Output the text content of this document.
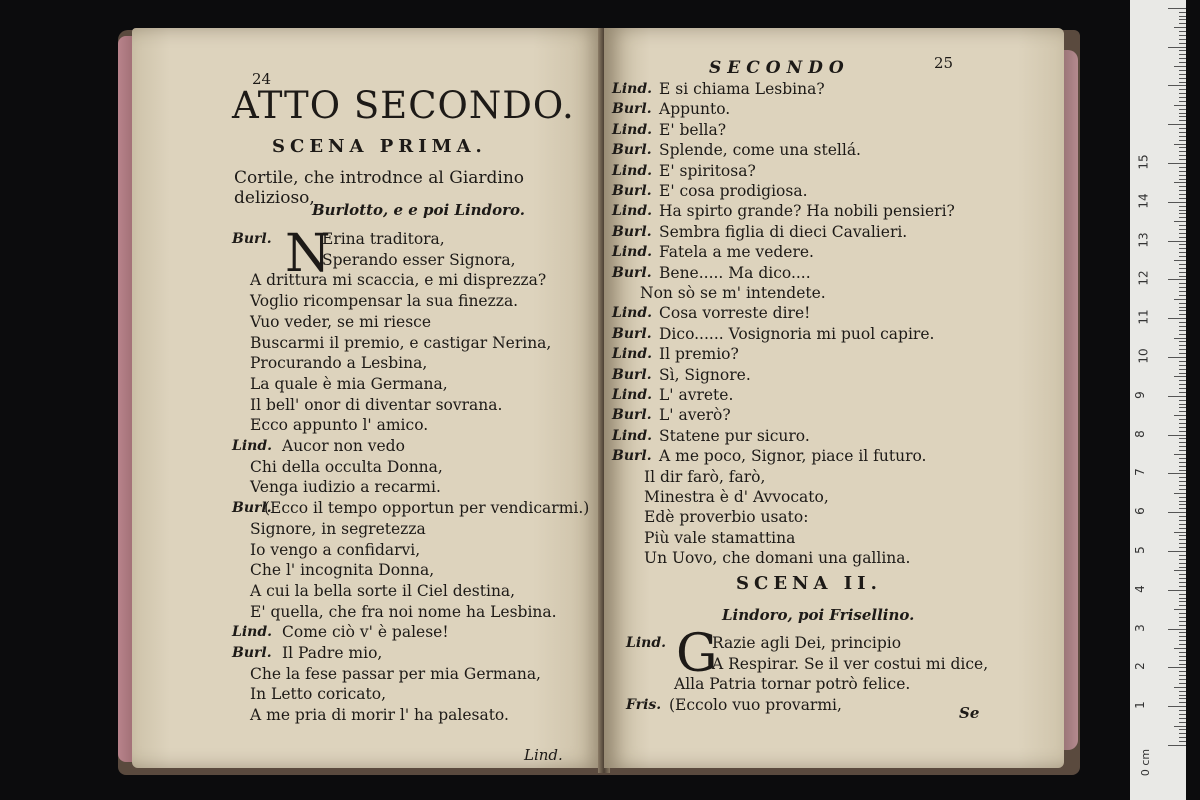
24
ATTO SECONDO.
SCENA PRIMA.
Cortile, che introdnce al Giardino delizioso,
Burlotto, e e poi Lindoro.
N
Burl.	Erina traditora,
Sperando esser Signora,
A drittura mi scaccia, e mi disprezza?
Voglio ricompensar la sua finezza.
Vuo veder, se mi riesce
Buscarmi il premio, e castigar Nerina,
Procurando a Lesbina,
La quale è mia Germana,
Il bell' onor di diventar sovrana.
Ecco appunto l' amico.
Lind. Aucor non vedo
Chi della occulta Donna,
Venga iudizio a recarmi.
Burl.
(Ecco il tempo opportun per vendicarmi.)
Signore, in segretezza
Io vengo a confidarvi,
Che l' incognita Donna,
A cui la bella sorte il Ciel destina,
E' quella, che fra noi nome ha Lesbina.
Lind. Come ciò v' è palese!
Burl. Il Padre mio,
Che la fese passar per mia Germana,
In Letto coricato,
A me pria di morir l' ha palesato.
Lind.
SECONDO	25
Lind. E si chiama Lesbina?
Burl. Appunto.
Lind. E' bella?
Burl. Splende, come una stellá.
Lind. E' spiritosa?
Burl. E' cosa prodigiosa.
Lind. Ha spirto grande? Ha nobili pensieri?
Burl. Sembra figlia di dieci Cavalieri.
Lind. Fatela a me vedere.
Burl. Bene..... Ma dico....
Non sò se m' intendete.
Lind. Cosa vorreste dire!
Burl. Dico...... Vosignoria mi puol capire.
Lind. Il premio?
Burl. Sì, Signore.
Lind. L' avrete.
Burl. L' averò?
Lind. Statene pur sicuro.
Burl. A me poco, Signor, piace il futuro.
Il dir farò, farò,
Minestra è d' Avvocato,
Edè proverbio usato:
Più vale stamattina
Un Uovo, che domani una gallina.
SCENA II.
Lindoro, poi Frisellino.
G
Lind.	Razie agli Dei, principio
A Respirar. Se il ver costui mi dice,
Alla Patria tornar potrò felice.
Fris. (Eccolo vuo provarmi,	Se	1
2
3
4
5
6
7
8
9
10
11
12
13
14
15
0 cm
